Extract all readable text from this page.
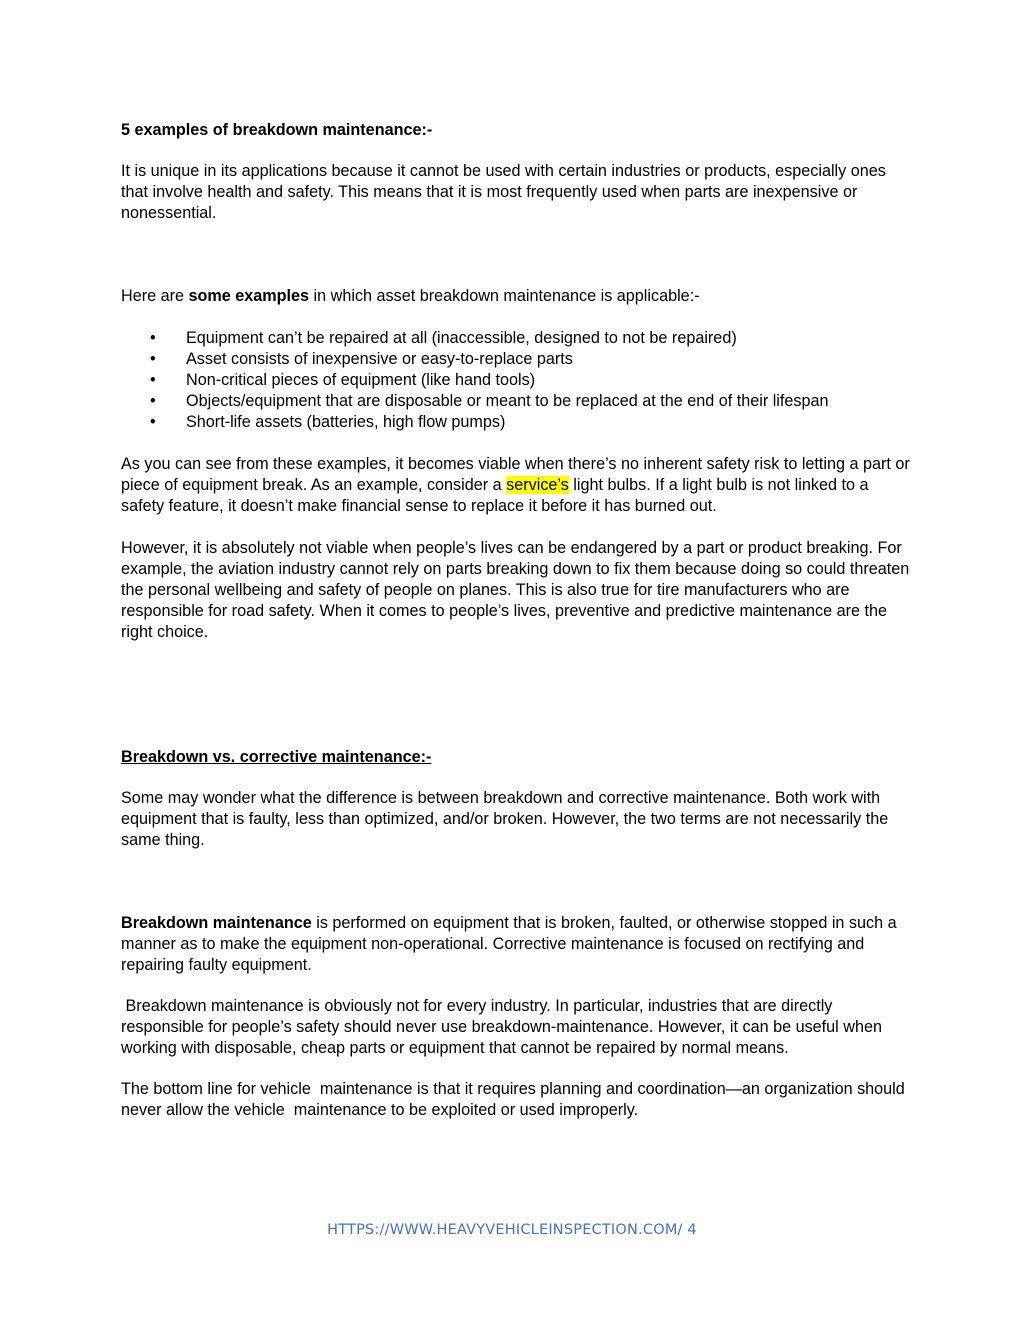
5 examples of breakdown maintenance:-

It is unique in its applications because it cannot be used with certain industries or products, especially ones that involve health and safety. This means that it is most frequently used when parts are inexpensive or nonessential.

Here are some examples in which asset breakdown maintenance is applicable:-

•	Equipment can’t be repaired at all (inaccessible, designed to not be repaired)
•	Asset consists of inexpensive or easy-to-replace parts
•	Non-critical pieces of equipment (like hand tools)
•	Objects/equipment that are disposable or meant to be replaced at the end of their lifespan
•	Short-life assets (batteries, high flow pumps)

As you can see from these examples, it becomes viable when there’s no inherent safety risk to letting a part or piece of equipment break. As an example, consider a service’s light bulbs. If a light bulb is not linked to a safety feature, it doesn’t make financial sense to replace it before it has burned out.

However, it is absolutely not viable when people’s lives can be endangered by a part or product breaking. For example, the aviation industry cannot rely on parts breaking down to fix them because doing so could threaten the personal wellbeing and safety of people on planes. This is also true for tire manufacturers who are responsible for road safety. When it comes to people’s lives, preventive and predictive maintenance are the right choice.

Breakdown vs. corrective maintenance:-

Some may wonder what the difference is between breakdown and corrective maintenance. Both work with equipment that is faulty, less than optimized, and/or broken. However, the two terms are not necessarily the same thing.

Breakdown maintenance is performed on equipment that is broken, faulted, or otherwise stopped in such a manner as to make the equipment non-operational. Corrective maintenance is focused on rectifying and repairing faulty equipment.

Breakdown maintenance is obviously not for every industry. In particular, industries that are directly responsible for people’s safety should never use breakdown-maintenance. However, it can be useful when working with disposable, cheap parts or equipment that cannot be repaired by normal means.

The bottom line for vehicle  maintenance is that it requires planning and coordination—an organization should never allow the vehicle  maintenance to be exploited or used improperly.

HTTPS://WWW.HEAVYVEHICLEINSPECTION.COM/ 4
